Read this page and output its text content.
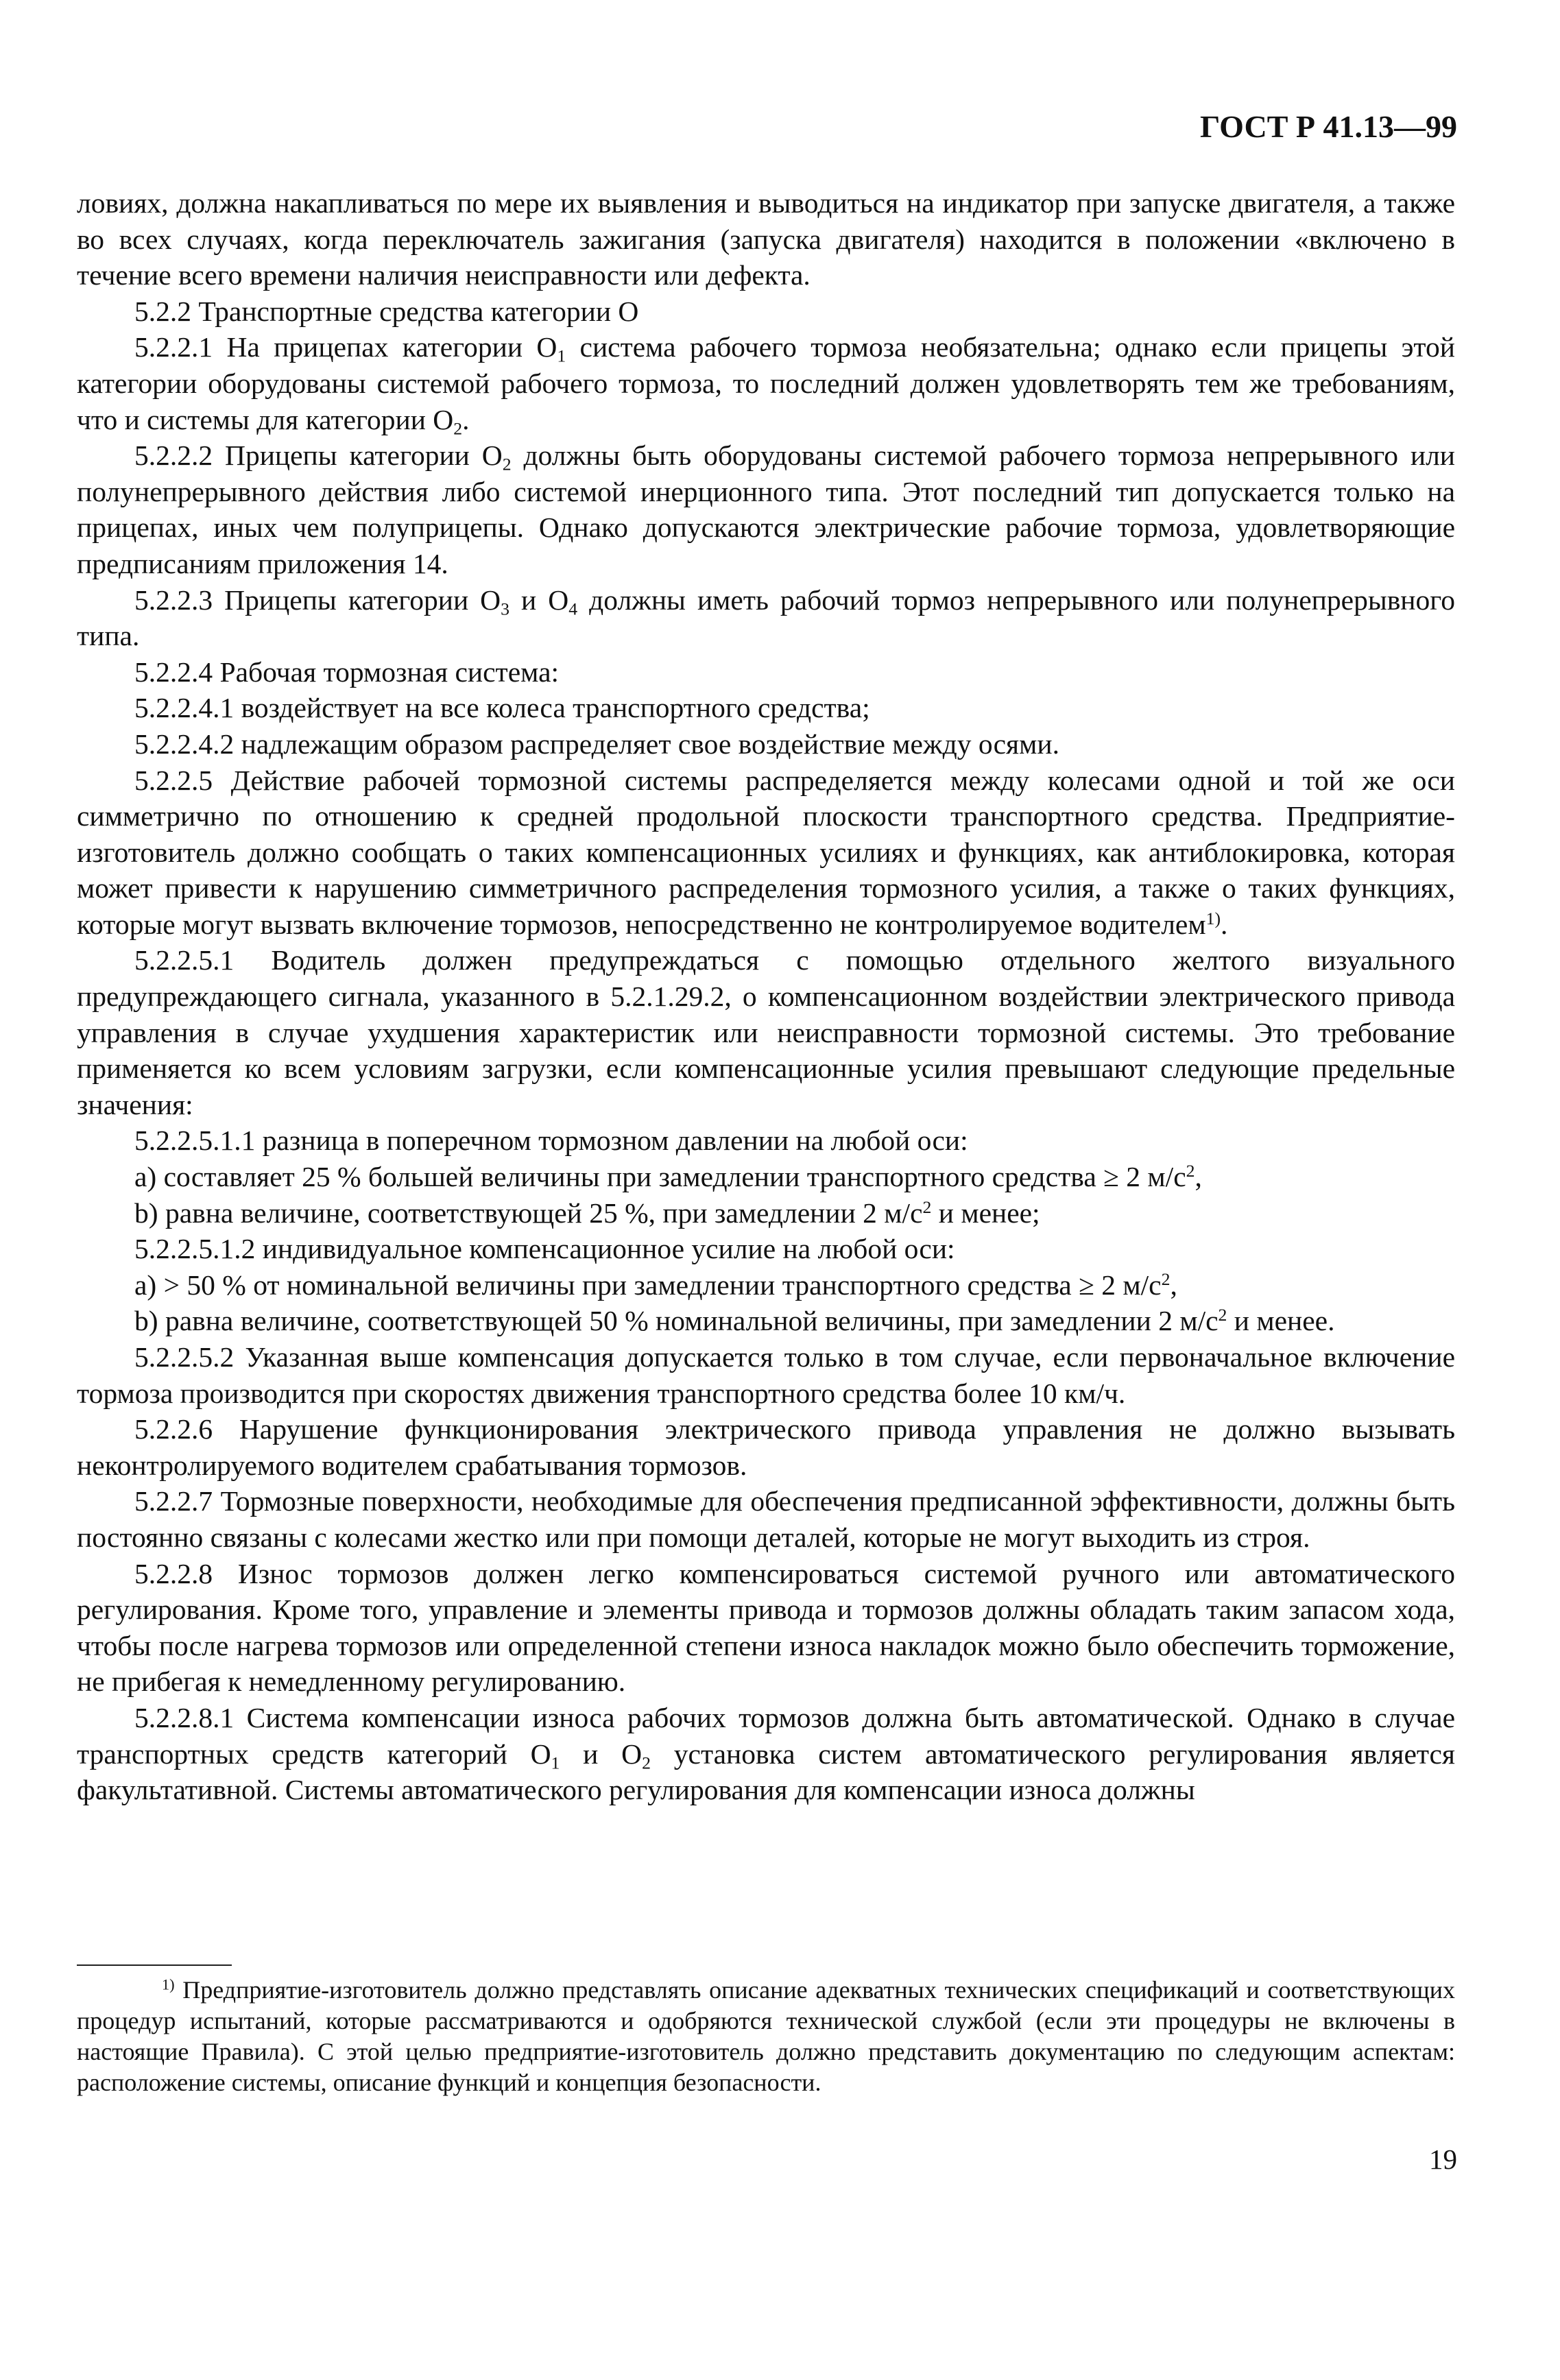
ГОСТ Р 41.13—99

ловиях, должна накапливаться по мере их выявления и выводиться на индикатор при запуске двигателя, а также во всех случаях, когда переключатель зажигания (запуска двигателя) находится в положении «включено в течение всего времени наличия неисправности или дефекта.

5.2.2 Транспортные средства категории О

5.2.2.1 На прицепах категории $О_1$ система рабочего тормоза необязательна; однако если прицепы этой категории оборудованы системой рабочего тормоза, то последний должен удовлетворять тем же требованиям, что и системы для категории $О_2$.

5.2.2.2 Прицепы категории $О_2$ должны быть оборудованы системой рабочего тормоза непрерывного или полунепрерывного действия либо системой инерционного типа. Этот последний тип допускается только на прицепах, иных чем полуприцепы. Однако допускаются электрические рабочие тормоза, удовлетворяющие предписаниям приложения 14.

5.2.2.3 Прицепы категории $О_3$ и $О_4$ должны иметь рабочий тормоз непрерывного или полунепрерывного типа.

5.2.2.4 Рабочая тормозная система:

5.2.2.4.1 воздействует на все колеса транспортного средства;

5.2.2.4.2 надлежащим образом распределяет свое воздействие между осями.

5.2.2.5 Действие рабочей тормозной системы распределяется между колесами одной и той же оси симметрично по отношению к средней продольной плоскости транспортного средства. Предприятие-изготовитель должно сообщать о таких компенсационных усилиях и функциях, как антиблокировка, которая может привести к нарушению симметричного распределения тормозного усилия, а также о таких функциях, которые могут вызвать включение тормозов, непосредственно не контролируемое водителем$^{1)}$.

5.2.2.5.1 Водитель должен предупреждаться с помощью отдельного желтого визуального предупреждающего сигнала, указанного в 5.2.1.29.2, о компенсационном воздействии электрического привода управления в случае ухудшения характеристик или неисправности тормозной системы. Это требование применяется ко всем условиям загрузки, если компенсационные усилия превышают следующие предельные значения:

5.2.2.5.1.1 разница в поперечном тормозном давлении на любой оси:

a) составляет 25 % большей величины при замедлении транспортного средства ≥ 2 $м/с^2$,

b) равна величине, соответствующей 25 %, при замедлении 2 $м/с^2$ и менее;

5.2.2.5.1.2 индивидуальное компенсационное усилие на любой оси:

a) > 50 % от номинальной величины при замедлении транспортного средства ≥ 2 $м/с^2$,

b) равна величине, соответствующей 50 % номинальной величины, при замедлении 2 $м/с^2$ и менее.

5.2.2.5.2 Указанная выше компенсация допускается только в том случае, если первоначальное включение тормоза производится при скоростях движения транспортного средства более 10 км/ч.

5.2.2.6 Нарушение функционирования электрического привода управления не должно вызывать неконтролируемого водителем срабатывания тормозов.

5.2.2.7 Тормозные поверхности, необходимые для обеспечения предписанной эффективности, должны быть постоянно связаны с колесами жестко или при помощи деталей, которые не могут выходить из строя.

5.2.2.8 Износ тормозов должен легко компенсироваться системой ручного или автоматического регулирования. Кроме того, управление и элементы привода и тормозов должны обладать таким запасом хода, чтобы после нагрева тормозов или определенной степени износа накладок можно было обеспечить торможение, не прибегая к немедленному регулированию.

5.2.2.8.1 Система компенсации износа рабочих тормозов должна быть автоматической. Однако в случае транспортных средств категорий $О_1$ и $О_2$ установка систем автоматического регулирования является факультативной. Системы автоматического регулирования для компенсации износа должны

$^{1)}$ Предприятие-изготовитель должно представлять описание адекватных технических спецификаций и соответствующих процедур испытаний, которые рассматриваются и одобряются технической службой (если эти процедуры не включены в настоящие Правила). С этой целью предприятие-изготовитель должно представить документацию по следующим аспектам: расположение системы, описание функций и концепция безопасности.

19
